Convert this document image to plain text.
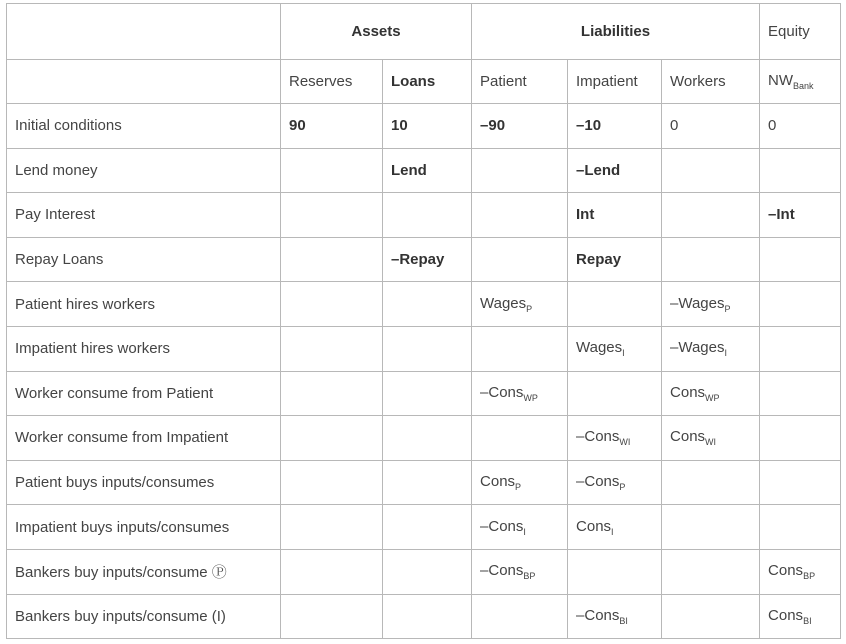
	Assets		Liabilities			Equity
	Reserves	Loans	Patient	Impatient	Workers	$NW_{Bank}$
Initial conditions	90	10	–90	–10	0	0
Lend money		Lend		–Lend		
Pay Interest				Int		–Int
Repay Loans		–Repay		Repay		
Patient hires workers			Wages$_P$		–Wages$_P$	
Impatient hires workers				Wages$_I$	–Wages$_I$	
Worker consume from Patient			–Cons$_{WP}$		Cons$_{WP}$	
Worker consume from Impatient				–Cons$_{WI}$	Cons$_{WI}$	
Patient buys inputs/consumes			Cons$_P$	–Cons$_P$		
Impatient buys inputs/consumes			–Cons$_I$	Cons$_I$		
Bankers buy inputs/consume Ⓟ			–Cons$_{BP}$			Cons$_{BP}$
Bankers buy inputs/consume (I)				–Cons$_{BI}$		Cons$_{BI}$
